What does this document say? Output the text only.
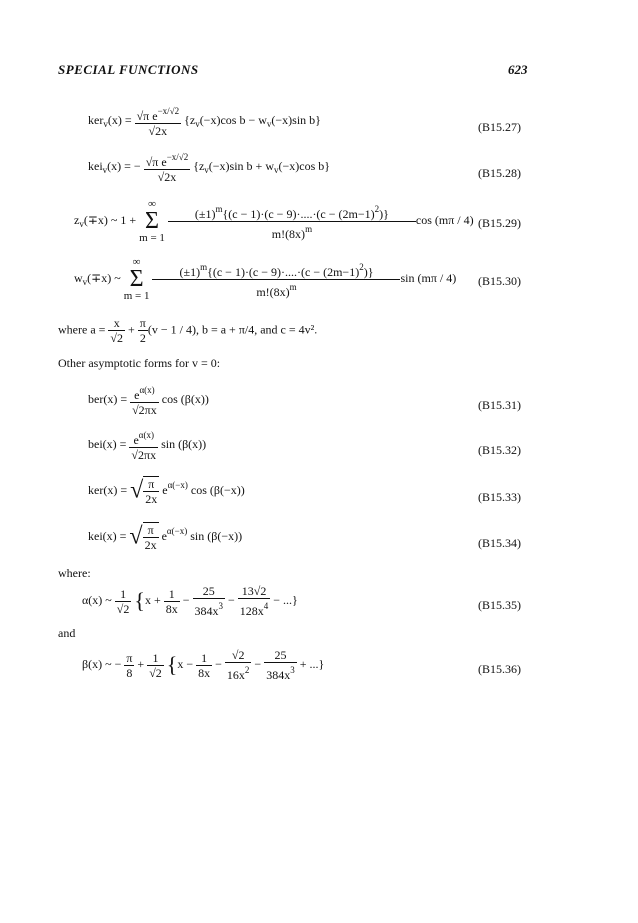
SPECIAL FUNCTIONS	623
$ker_v(x) = \frac{√\pi e^{-x/√2}}{√2x} \{z_v(-x)\cos$ $b - w_v(-x)\sin$ b}
(B15.27)
kei$_v$(x) = − $\frac{√\pi e^{-x/√2}}{√2x} \{z_v(-x)\sin$ $b + w_v(-x)\cos$ b}
(B15.28)
$z_v(\mp x)$ ~ 1 +
∞
Σ
m = 1
$\frac{(\pm 1)^m\{(c - 1)\cdot(c - 9)\cdot....\cdot(c - (2m-1)^2)\}}{m!(8x)^m}$ cos (mπ / 4) (B15.29)
$w_v(\mp x)$ ~
∞
Σ
m = 1
$\frac{(\pm 1)^m\{(c - 1)\cdot(c - 9)\cdot....\cdot(c - (2m-1)^2)\}}{m!(8x)^m}$ sin (mπ / 4) (B15.30)
where $a = \frac{x}{√2} + \frac{\pi}{2} (v - 1 / 4)$, b = a + π/4, and c = 4v².
Other asymptotic forms for v = 0:
$ber(x) = \frac{e^{\alpha(x)}}{√2\pi x}$ cos (β(x))	(B15.31)
$bei(x) = \frac{e^{\alpha(x)}}{√2\pi x}$ sin (β(x))	(B15.32)
ker(x) = √ $\frac{\pi}{2x} e^{\alpha(-x)}$ cos (β(−x))
(B15.33)
kei(x) = √ $\frac{\pi}{2x} e^{\alpha(-x)}$ sin (β(−x))
(B15.34)
where:
α(x) ~ $\frac{1}{√2} \{x + \frac{1}{8x} - \frac{25}{384x^3} - \frac{13√2}{128x^4}$ − ...}	(B15.35)
and
β(x) ~ − $\frac{\pi}{8} + \frac{1}{√2} \{x - \frac{1}{8x} - \frac{√2}{16x^2} - \frac{25}{384x^3}$ + ...}	(B15.36)
